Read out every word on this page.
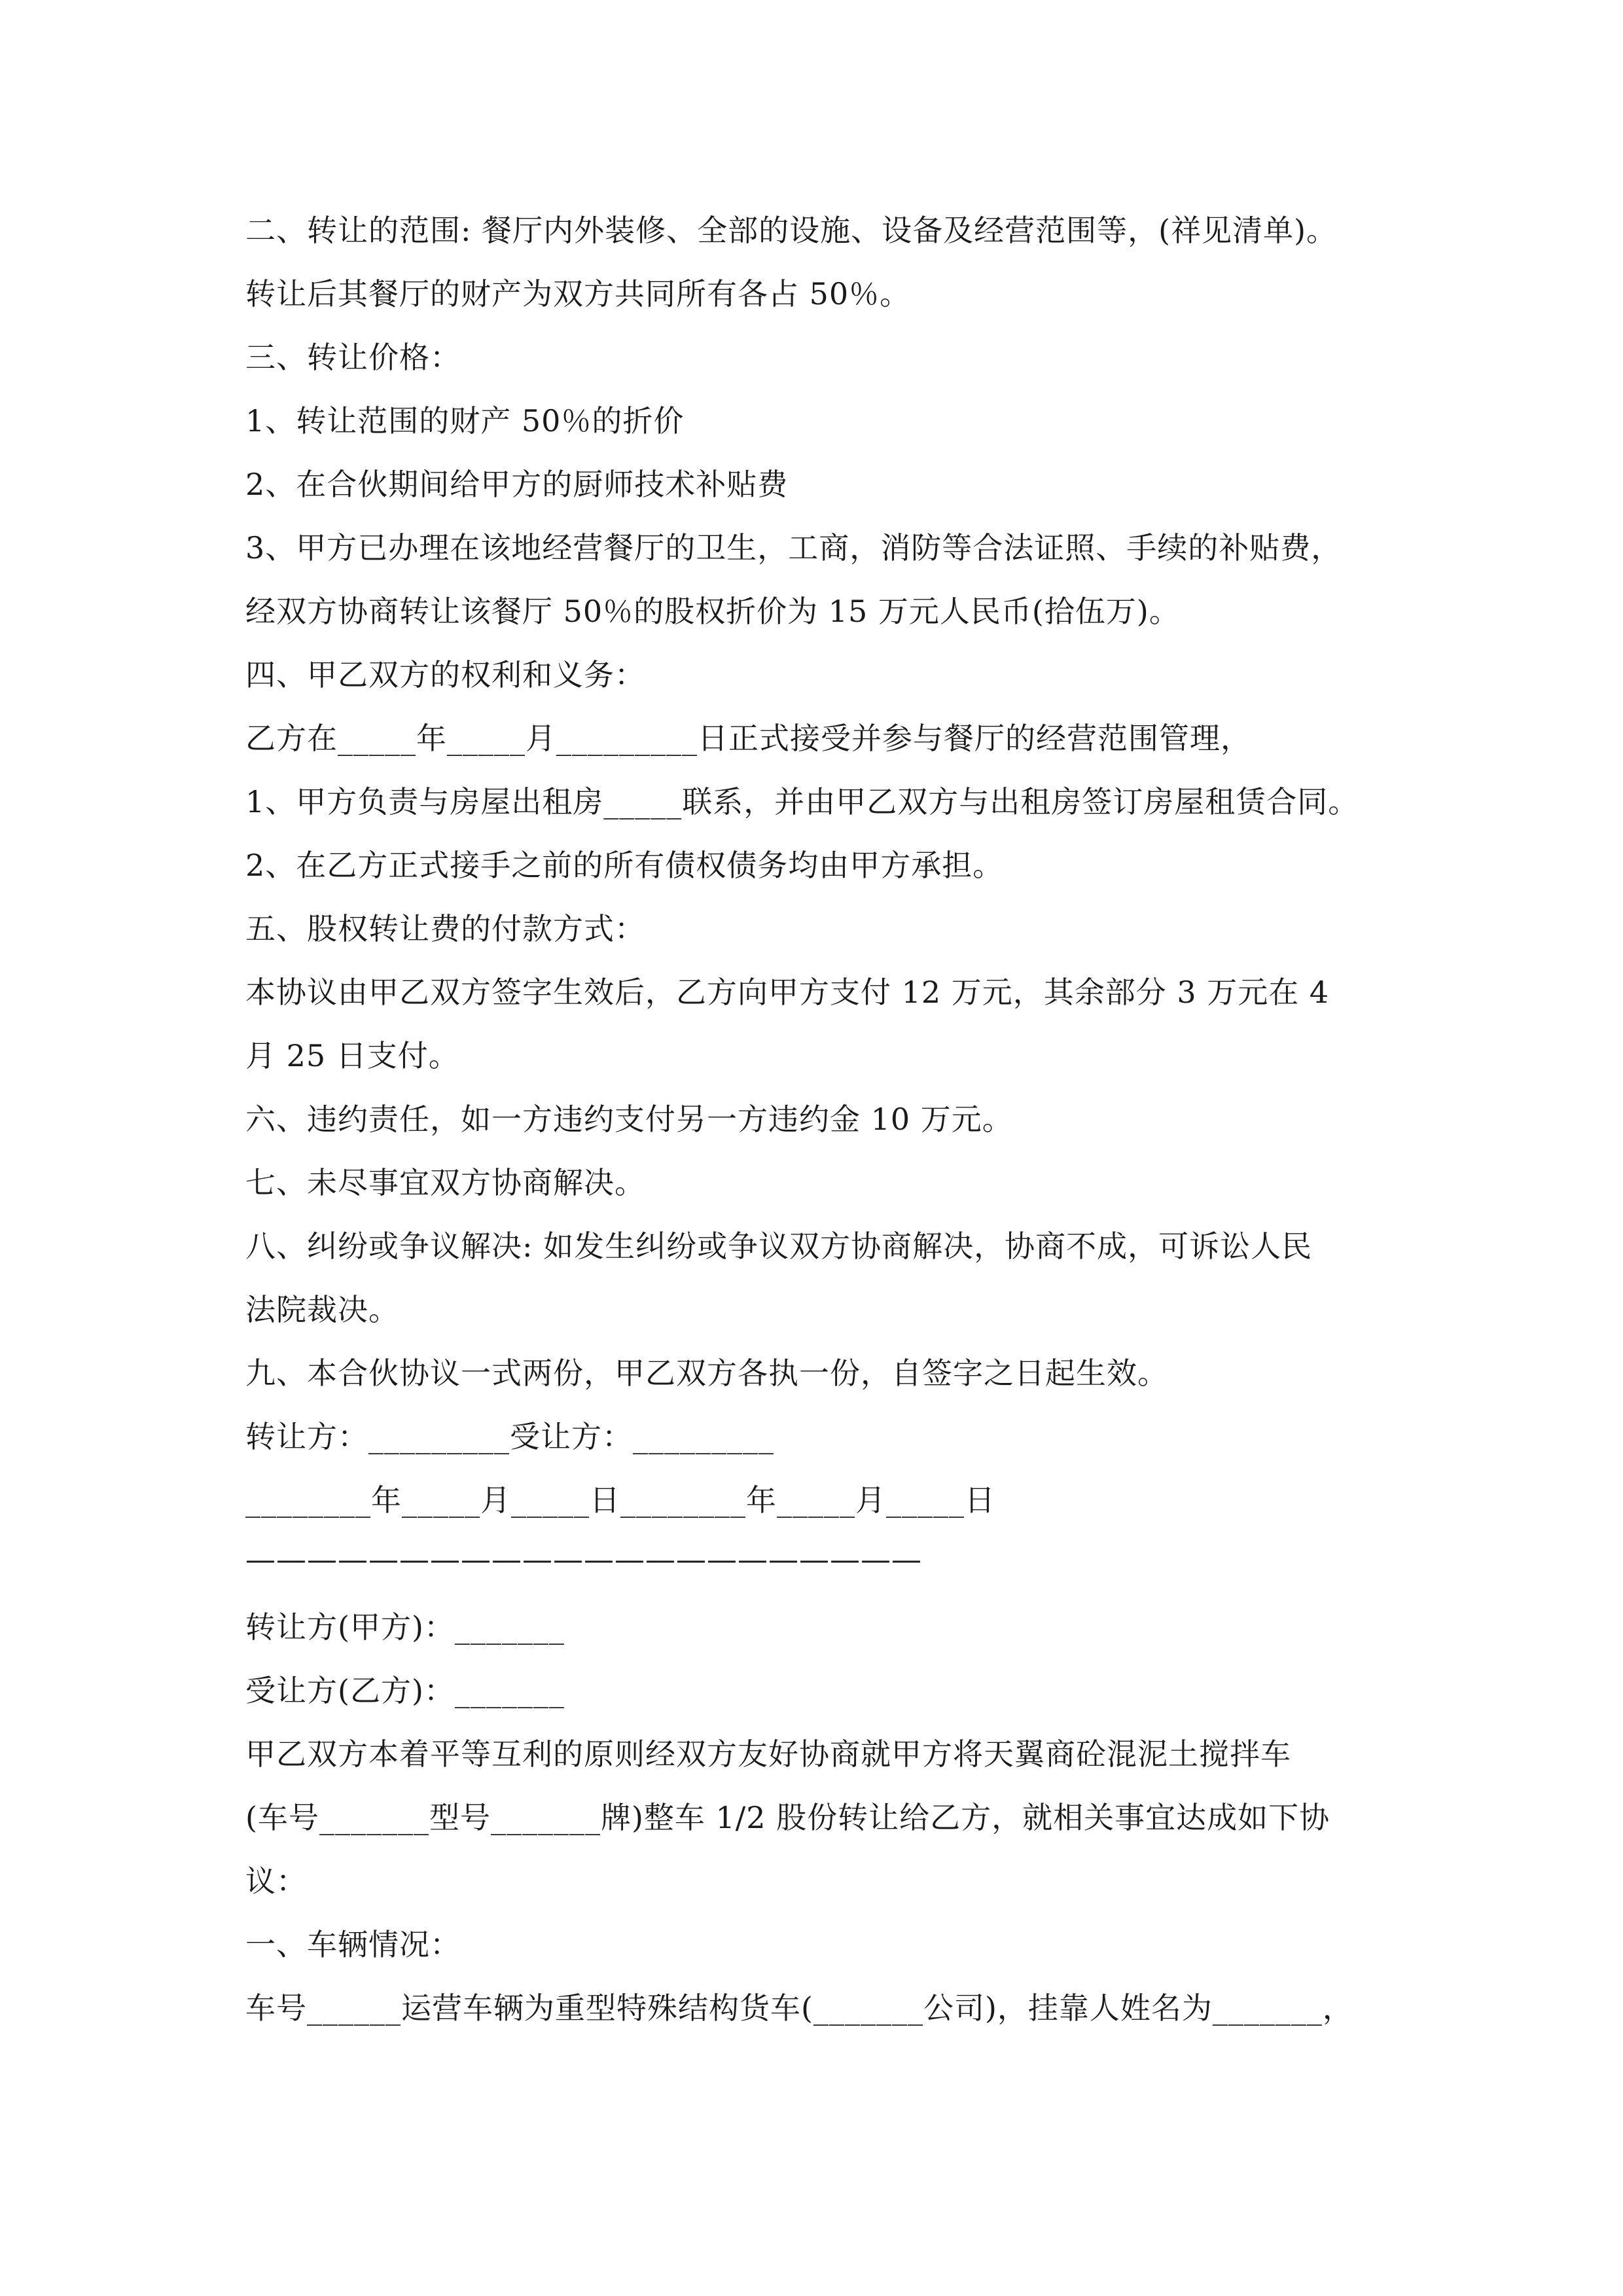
二、转让的范围: 餐厅内外装修、全部的设施、设备及经营范围等，(祥见清单)。
转让后其餐厅的财产为双方共同所有各占 50％。
三、转让价格：
1、转让范围的财产 50％的折价
2、在合伙期间给甲方的厨师技术补贴费
3、甲方已办理在该地经营餐厅的卫生，工商，消防等合法证照、手续的补贴费，
经双方协商转让该餐厅 50％的股权折价为 15 万元人民币(拾伍万)。
四、甲乙双方的权利和义务：
乙方在_____年_____月_________日正式接受并参与餐厅的经营范围管理，
1、甲方负责与房屋出租房_____联系，并由甲乙双方与出租房签订房屋租赁合同。
2、在乙方正式接手之前的所有债权债务均由甲方承担。
五、股权转让费的付款方式：
本协议由甲乙双方签字生效后，乙方向甲方支付 12 万元，其余部分 3 万元在 4
月 25 日支付。
六、违约责任，如一方违约支付另一方违约金 10 万元。
七、未尽事宜双方协商解决。
八、纠纷或争议解决: 如发生纠纷或争议双方协商解决，协商不成，可诉讼人民
法院裁决。
九、本合伙协议一式两份，甲乙双方各执一份，自签字之日起生效。
转让方：_________受让方：_________
________年_____月_____日________年_____月_____日
——————————————————————
转让方(甲方)：_______
受让方(乙方)：_______
甲乙双方本着平等互利的原则经双方友好协商就甲方将天翼商砼混泥土搅拌车
(车号_______型号_______牌)整车 1/2 股份转让给乙方，就相关事宜达成如下协
议：
一、车辆情况：
车号______运营车辆为重型特殊结构货车(_______公司)，挂靠人姓名为_______，
